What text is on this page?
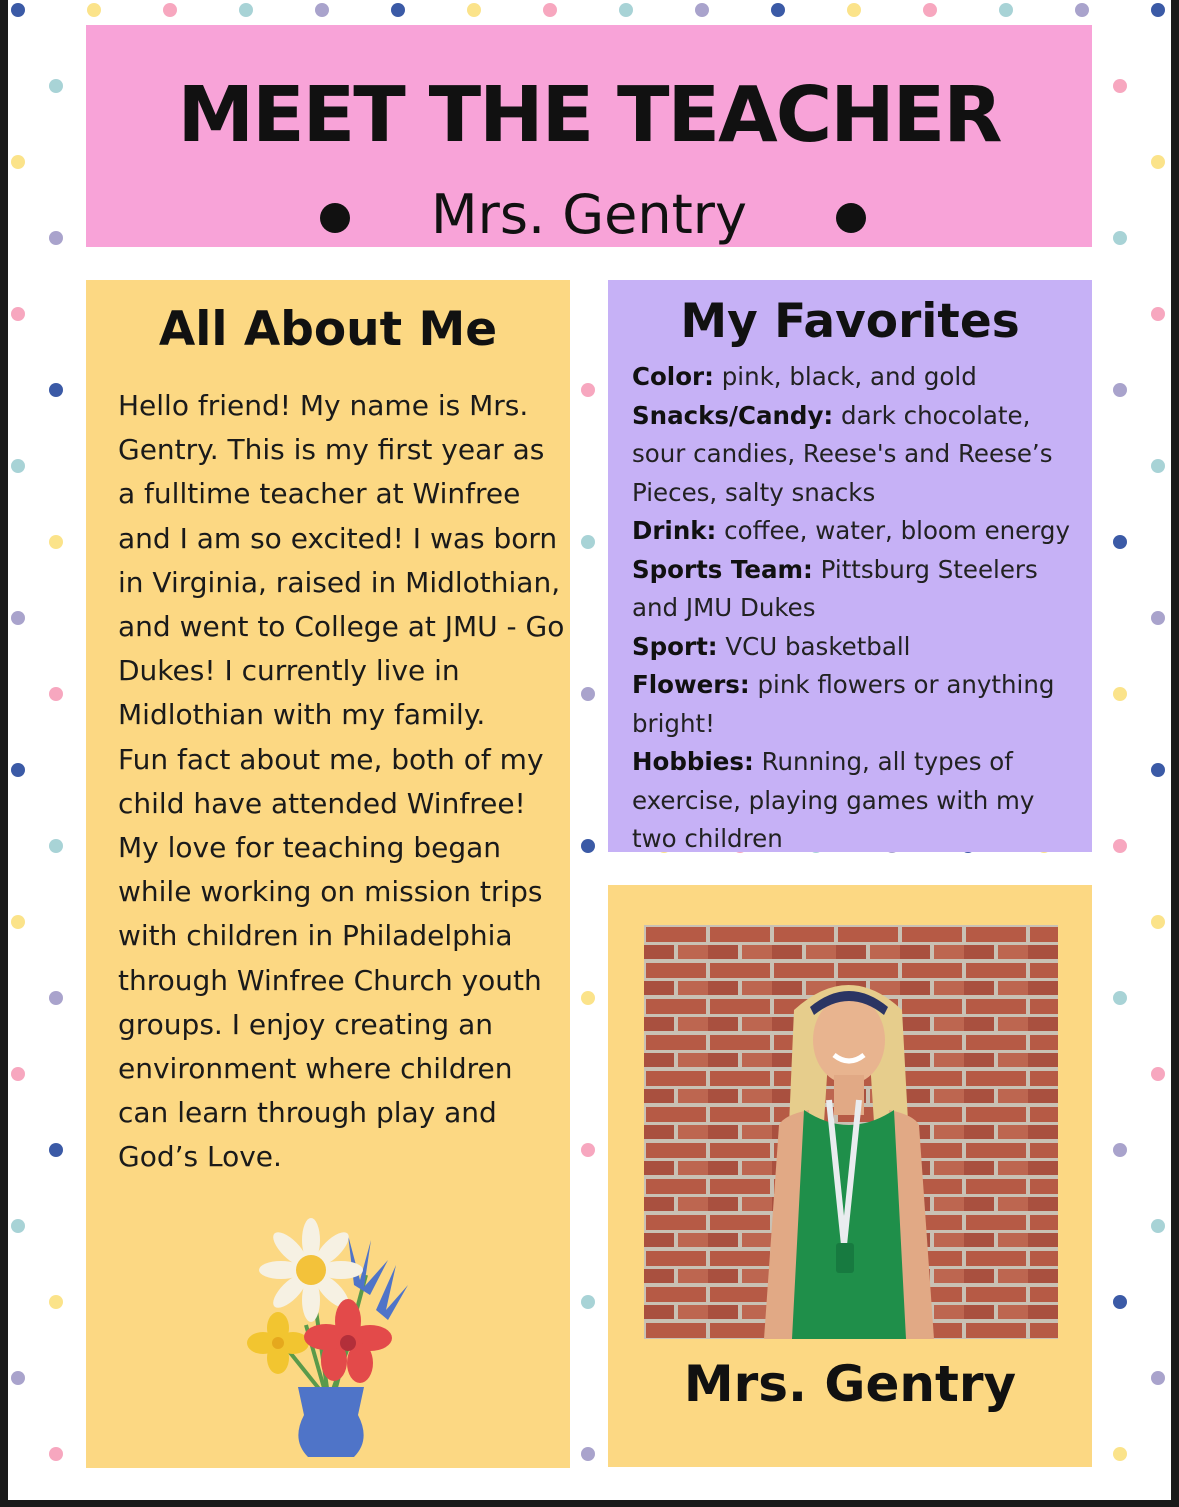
MEET THE TEACHER
Mrs. Gentry
All About Me

Hello friend! My name is Mrs. Gentry. This is my first year as a fulltime teacher at Winfree and I am so excited! I was born in Virginia, raised in Midlothian, and went to College at JMU - Go Dukes! I currently live in Midlothian with my family.

Fun fact about me, both of my child have attended Winfree! My love for teaching began while working on mission trips with children in Philadelphia through Winfree Church youth groups. I enjoy creating an environment where children can learn through play and God’s Love.

My Favorites
Color: pink, black, and gold
Snacks/Candy: dark chocolate, sour candies, Reese's and Reese’s Pieces, salty snacks
Drink: coffee, water, bloom energy
Sports Team: Pittsburg Steelers and JMU Dukes
Sport: VCU basketball
Flowers: pink flowers or anything bright!
Hobbies: Running, all types of exercise, playing games with my two children
Mrs. Gentry
